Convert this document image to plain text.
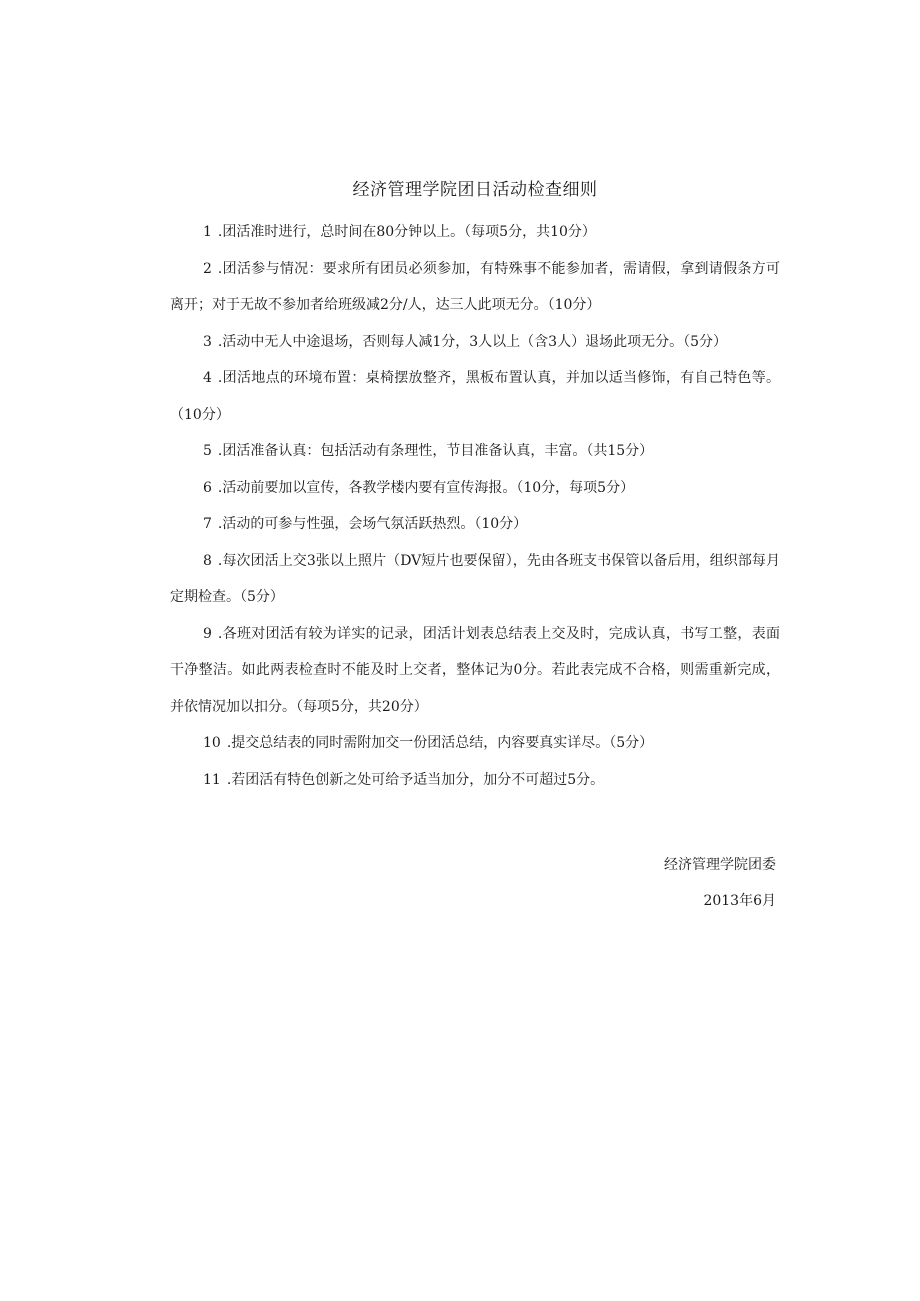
经济管理学院团日活动检查细则
1 .团活准时进行，总时间在80分钟以上。（每项5分，共10分）
2 .团活参与情况：要求所有团员必须参加，有特殊事不能参加者，需请假，拿到请假条方可离开；对于无故不参加者给班级减2分/人，达三人此项无分。（10分）
3 .活动中无人中途退场，否则每人减1分，3人以上（含3人）退场此项无分。（5分）
4 .团活地点的环境布置：桌椅摆放整齐，黑板布置认真，并加以适当修饰，有自己特色等。（10分）
5 .团活准备认真：包括活动有条理性，节目准备认真，丰富。（共15分）
6 .活动前要加以宣传，各教学楼内要有宣传海报。（10分，每项5分）
7 .活动的可参与性强，会场气氛活跃热烈。（10分）
8 .每次团活上交3张以上照片（DV短片也要保留），先由各班支书保管以备后用，组织部每月定期检查。（5分）
9 .各班对团活有较为详实的记录，团活计划表总结表上交及时，完成认真，书写工整，表面干净整洁。如此两表检查时不能及时上交者，整体记为0分。若此表完成不合格，则需重新完成，并依情况加以扣分。（每项5分，共20分）
10 .提交总结表的同时需附加交一份团活总结，内容要真实详尽。（5分）
11 .若团活有特色创新之处可给予适当加分，加分不可超过5分。
经济管理学院团委
2013年6月
